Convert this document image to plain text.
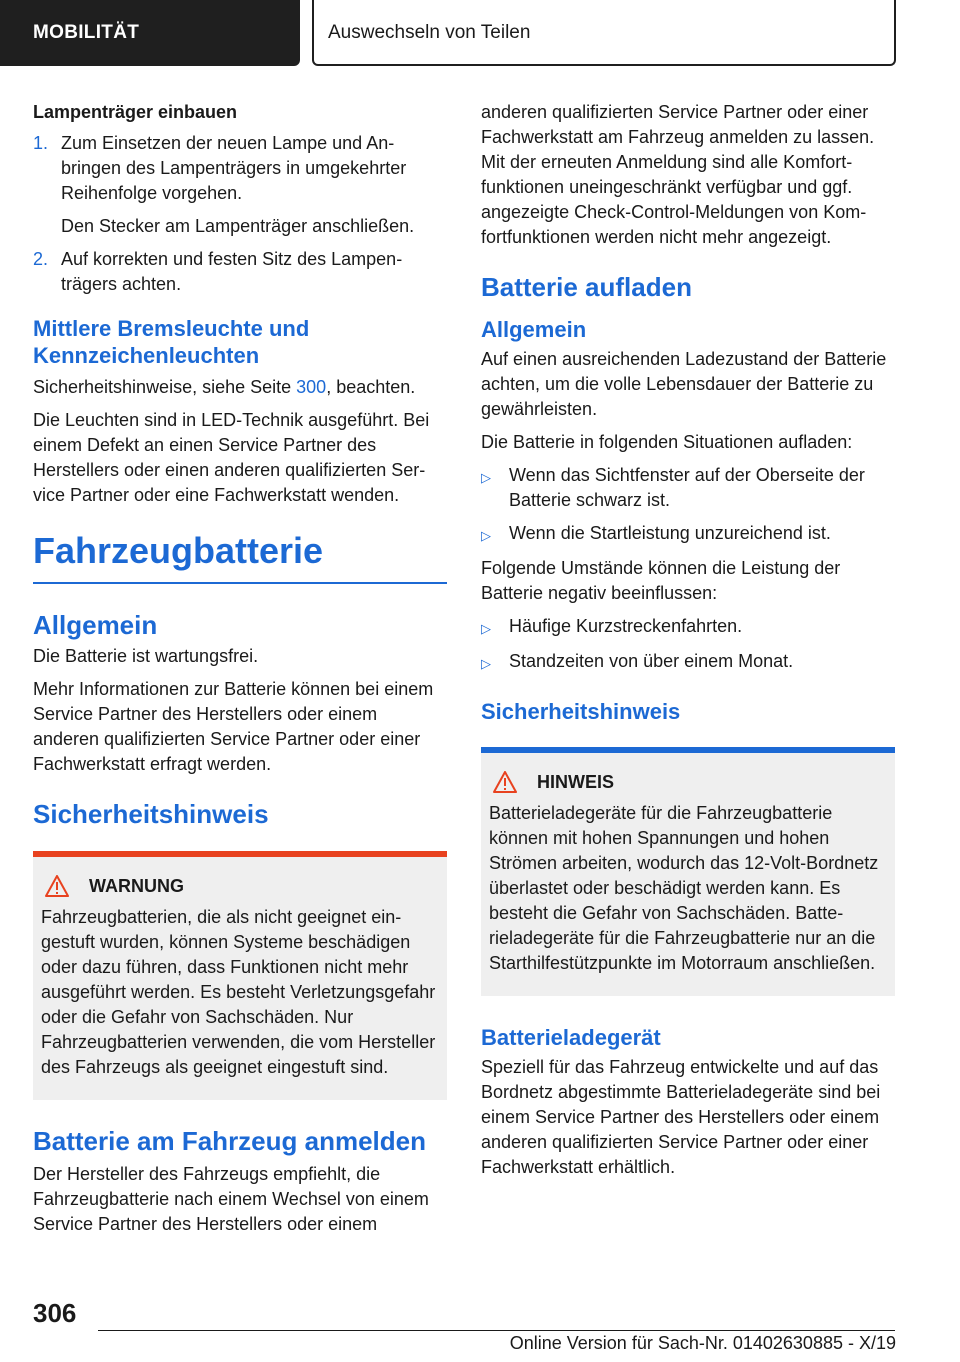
MOBILITÄT	Auswechseln von Teilen
Lampenträger einbauen
1. Zum Einsetzen der neuen Lampe und Anbringen des Lampenträgers in umgekehrter Reihenfolge vorgehen.

Den Stecker am Lampenträger anschließen.

2. Auf korrekten und festen Sitz des Lampenträgers achten.

Mittlere Bremsleuchte und Kennzeichenleuchten

Sicherheitshinweise, siehe Seite 300, beachten.

Die Leuchten sind in LED-Technik ausgeführt. Bei einem Defekt an einen Service Partner des Herstellers oder einen anderen qualifizierten Service Partner oder eine Fachwerkstatt wenden.

Fahrzeugbatterie
Allgemein

Die Batterie ist wartungsfrei.

Mehr Informationen zur Batterie können bei einem Service Partner des Herstellers oder einem anderen qualifizierten Service Partner oder einer Fachwerkstatt erfragt werden.

Sicherheitshinweis
WARNUNG

Fahrzeugbatterien, die als nicht geeignet eingestuft wurden, können Systeme beschädigen oder dazu führen, dass Funktionen nicht mehr ausgeführt werden. Es besteht Verletzungsgefahr oder die Gefahr von Sachschäden. Nur Fahrzeugbatterien verwenden, die vom Hersteller des Fahrzeugs als geeignet eingestuft sind.

Batterie am Fahrzeug anmelden

Der Hersteller des Fahrzeugs empfiehlt, die Fahrzeugbatterie nach einem Wechsel von einem Service Partner des Herstellers oder einem

anderen qualifizierten Service Partner oder einer Fachwerkstatt am Fahrzeug anmelden zu lassen. Mit der erneuten Anmeldung sind alle Komfortfunktionen uneingeschränkt verfügbar und ggf. angezeigte Check-Control-Meldungen von Komfortfunktionen werden nicht mehr angezeigt.

Batterie aufladen
Allgemein

Auf einen ausreichenden Ladezustand der Batterie achten, um die volle Lebensdauer der Batterie zu gewährleisten.

Die Batterie in folgenden Situationen aufladen:

▷	Wenn das Sichtfenster auf der Oberseite der Batterie schwarz ist.
▷	Wenn die Startleistung unzureichend ist.

Folgende Umstände können die Leistung der Batterie negativ beeinflussen:

▷	Häufige Kurzstreckenfahrten.
▷	Standzeiten von über einem Monat.
Sicherheitshinweis
HINWEIS

Batterieladegeräte für die Fahrzeugbatterie können mit hohen Spannungen und hohen Strömen arbeiten, wodurch das 12-Volt-Bordnetz überlastet oder beschädigt werden kann. Es besteht die Gefahr von Sachschäden. Batterieladegeräte für die Fahrzeugbatterie nur an die Starthilfestützpunkte im Motorraum anschließen.

Batterieladegerät

Speziell für das Fahrzeug entwickelte und auf das Bordnetz abgestimmte Batterieladegeräte sind bei einem Service Partner des Herstellers oder einem anderen qualifizierten Service Partner oder einer Fachwerkstatt erhältlich.

306
Online Version für Sach-Nr. 01402630885 - X/19
